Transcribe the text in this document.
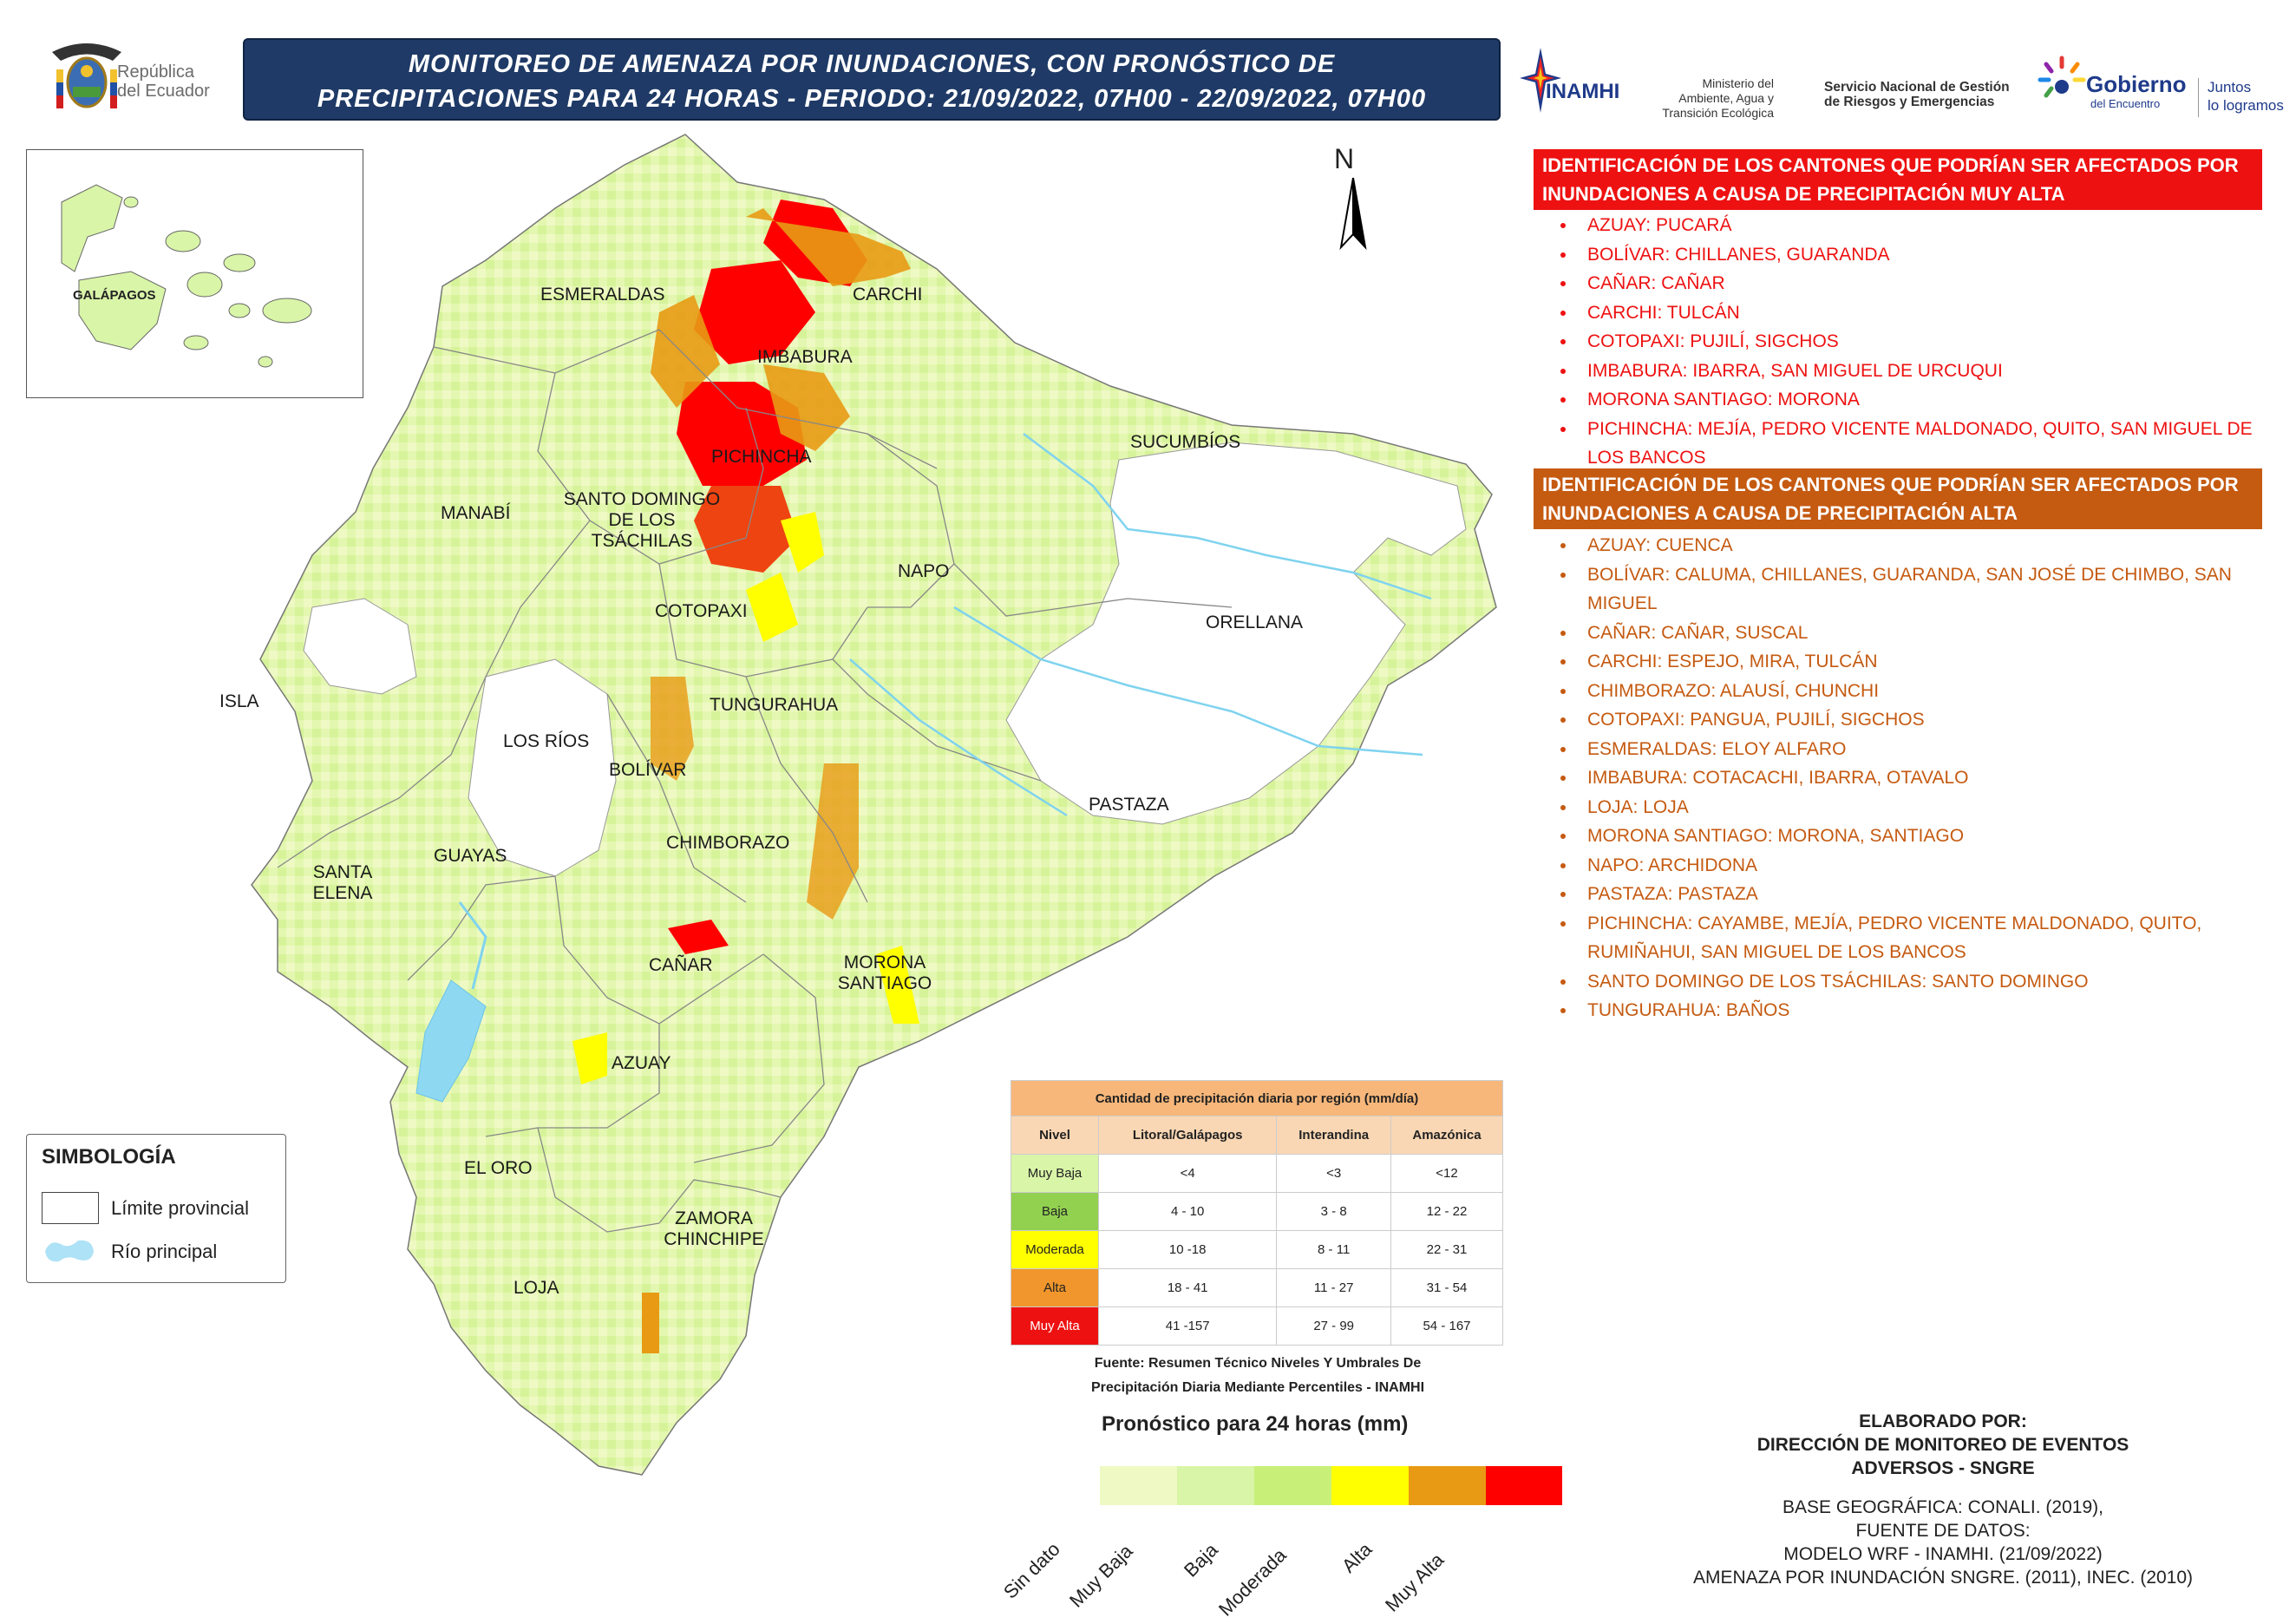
República del Ecuador
MONITOREO DE AMENAZA POR INUNDACIONES, CON PRONÓSTICO DE
PRECIPITACIONES PARA 24 HORAS - PERIODO: 21/09/2022, 07H00 - 22/09/2022, 07H00	INAMHI	Ministerio del
Ambiente, Agua y
Transición Ecológica
Servicio Nacional de Gestión
de Riesgos y Emergencias
Gobierno
del Encuentro
Juntos
lo logramos
GALÁPAGOS
N
ESMERALDAS	CARCHI
IMBABURA
SUCUMBÍOS
PICHINCHA
MANABÍ
SANTO DOMINGO
DE LOS
TSÁCHILAS
NAPO
COTOPAXI
ORELLANA
ISLA	TUNGURAHUA
LOS RÍOS
BOLÍVAR
PASTAZA
CHIMBORAZO
SANTA
ELENA
GUAYAS
CAÑAR	MORONA
SANTIAGO
AZUAY
EL ORO
ZAMORA
CHINCHIPE
LOJA
SIMBOLOGÍA
Límite provincial
Río principal
Cantidad de precipitación diaria por región (mm/día)			
Nivel	Litoral/Galápagos	Interandina	Amazónica
Muy Baja	<4	<3	<12
Baja	4 - 10	3 - 8	12 - 22
Moderada	10 -18	8 - 11	22 - 31
Alta	18 - 41	11 - 27	31 - 54
Muy Alta	41 -157	27 - 99	54 - 167
Fuente: Resumen Técnico Niveles Y Umbrales De
Precipitación Diaria Mediante Percentiles - INAMHI
Pronóstico para 24 horas (mm)
Sin dato Muy Baja Baja
Moderada Alta Muy Alta
IDENTIFICACIÓN DE LOS CANTONES QUE PODRÍAN SER AFECTADOS POR
INUNDACIONES A CAUSA DE PRECIPITACIÓN MUY ALTA
• AZUAY: PUCARÁ
• BOLÍVAR: CHILLANES, GUARANDA
• CAÑAR: CAÑAR
• CARCHI: TULCÁN
• COTOPAXI: PUJILÍ, SIGCHOS
• IMBABURA: IBARRA, SAN MIGUEL DE URCUQUI
• MORONA SANTIAGO: MORONA
• PICHINCHA: MEJÍA, PEDRO VICENTE MALDONADO, QUITO, SAN MIGUEL DE LOS BANCOS
IDENTIFICACIÓN DE LOS CANTONES QUE PODRÍAN SER AFECTADOS POR
INUNDACIONES A CAUSA DE PRECIPITACIÓN ALTA
• AZUAY: CUENCA
• BOLÍVAR: CALUMA, CHILLANES, GUARANDA, SAN JOSÉ DE CHIMBO, SAN MIGUEL
• CAÑAR: CAÑAR, SUSCAL
• CARCHI: ESPEJO, MIRA, TULCÁN
• CHIMBORAZO: ALAUSÍ, CHUNCHI
• COTOPAXI: PANGUA, PUJILÍ, SIGCHOS
• ESMERALDAS: ELOY ALFARO
• IMBABURA: COTACACHI, IBARRA, OTAVALO
• LOJA: LOJA
• MORONA SANTIAGO: MORONA, SANTIAGO
• NAPO: ARCHIDONA
• PASTAZA: PASTAZA
• PICHINCHA: CAYAMBE, MEJÍA, PEDRO VICENTE MALDONADO, QUITO, RUMIÑAHUI, SAN MIGUEL DE LOS BANCOS
• SANTO DOMINGO DE LOS TSÁCHILAS: SANTO DOMINGO
• TUNGURAHUA: BAÑOS
ELABORADO POR:
DIRECCIÓN DE MONITOREO DE EVENTOS
ADVERSOS - SNGRE
BASE GEOGRÁFICA: CONALI. (2019),
FUENTE DE DATOS:
MODELO WRF - INAMHI. (21/09/2022)
AMENAZA POR INUNDACIÓN SNGRE. (2011), INEC. (2010)
